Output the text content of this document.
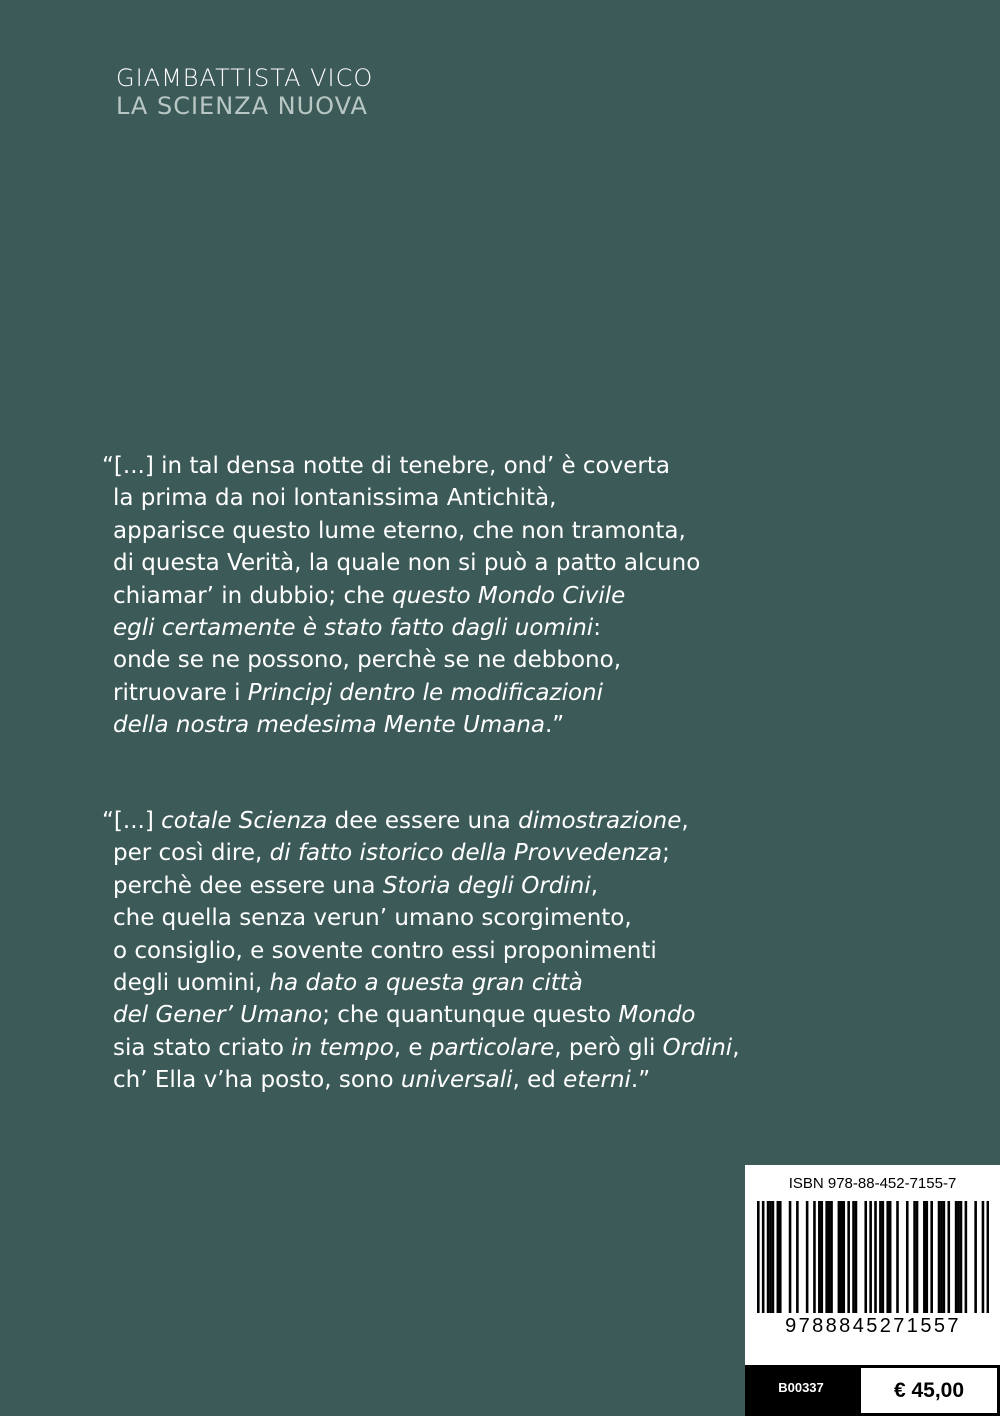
GIAMBATTISTA VICO
LA SCIENZA NUOVA
“[...] in tal densa notte di tenebre, ond’ è coverta
la prima da noi lontanissima Antichità,
apparisce questo lume eterno, che non tramonta,
di questa Verità, la quale non si può a patto alcuno
chiamar’ in dubbio; che questo Mondo Civile
egli certamente è stato fatto dagli uomini:
onde se ne possono, perchè se ne debbono,
ritruovare i Principj dentro le modificazioni
della nostra medesima Mente Umana.”
“[...] cotale Scienza dee essere una dimostrazione,
per così dire, di fatto istorico della Provvedenza;
perchè dee essere una Storia degli Ordini,
che quella senza verun’ umano scorgimento,
o consiglio, e sovente contro essi proponimenti
degli uomini, ha dato a questa gran città
del Gener’ Umano; che quantunque questo Mondo
sia stato criato in tempo, e particolare, però gli Ordini,
ch’ Ella v’ha posto, sono universali, ed eterni.”
ISBN 978-88-452-7155-7
9788845271557
B00337	€ 45,00
